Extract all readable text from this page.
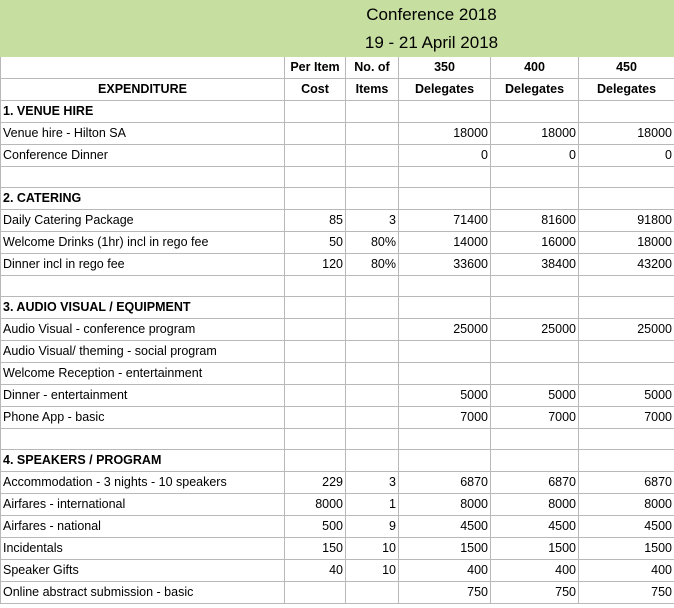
	Conference 2018				
	19 - 21 April 2018				
	Per Item	No. of	350	400	450
EXPENDITURE	Cost	Items	Delegates	Delegates	Delegates
1. VENUE HIRE					
Venue hire - Hilton SA			18000	18000	18000
Conference Dinner			0	0	0

2. CATERING					
Daily Catering Package	85	3	71400	81600	91800
Welcome Drinks (1hr) incl in rego fee	50	80%	14000	16000	18000
Dinner incl in rego fee	120	80%	33600	38400	43200

3. AUDIO VISUAL / EQUIPMENT					
Audio Visual - conference program			25000	25000	25000
Audio Visual/ theming - social program					
Welcome Reception - entertainment					
Dinner - entertainment			5000	5000	5000
Phone App - basic			7000	7000	7000

4. SPEAKERS / PROGRAM					
Accommodation - 3 nights - 10 speakers	229	3	6870	6870	6870
Airfares - international	8000	1	8000	8000	8000
Airfares - national	500	9	4500	4500	4500
Incidentals	150	10	1500	1500	1500
Speaker Gifts	40	10	400	400	400
Online abstract submission - basic			750	750	750
